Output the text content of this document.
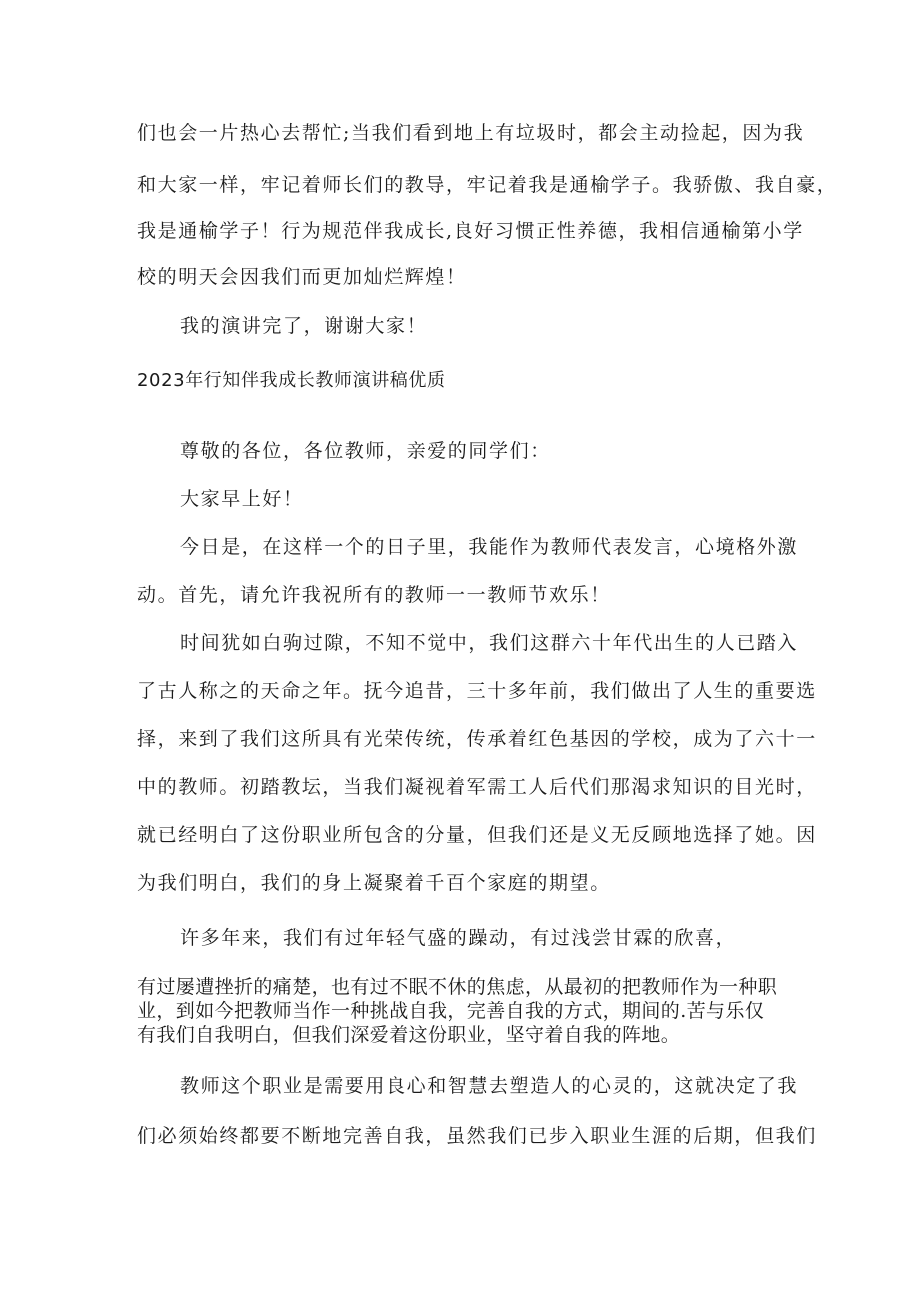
们也会一片热心去帮忙;当我们看到地上有垃圾时，都会主动捡起，因为我

和大家一样，牢记着师长们的教导，牢记着我是通榆学子。我骄傲、我自豪，

我是通榆学子！行为规范伴我成长,良好习惯正性养德，我相信通榆第小学

校的明天会因我们而更加灿烂辉煌！

我的演讲完了，谢谢大家！

2023年行知伴我成长教师演讲稿优质

尊敬的各位，各位教师，亲爱的同学们：

大家早上好！

今日是，在这样一个的日子里，我能作为教师代表发言，心境格外激

动。首先，请允许我祝所有的教师一一教师节欢乐！

时间犹如白驹过隙，不知不觉中，我们这群六十年代出生的人已踏入

了古人称之的天命之年。抚今追昔，三十多年前，我们做出了人生的重要选

择，来到了我们这所具有光荣传统，传承着红色基因的学校，成为了六十一

中的教师。初踏教坛，当我们凝视着军需工人后代们那渴求知识的目光时，

就已经明白了这份职业所包含的分量，但我们还是义无反顾地选择了她。因

为我们明白，我们的身上凝聚着千百个家庭的期望。

许多年来，我们有过年轻气盛的躁动，有过浅尝甘霖的欣喜，

有过屡遭挫折的痛楚，也有过不眠不休的焦虑，从最初的把教师作为一种职

业，到如今把教师当作一种挑战自我，完善自我的方式，期间的.苦与乐仅

有我们自我明白，但我们深爱着这份职业，坚守着自我的阵地。

教师这个职业是需要用良心和智慧去塑造人的心灵的，这就决定了我

们必须始终都要不断地完善自我，虽然我们已步入职业生涯的后期，但我们
